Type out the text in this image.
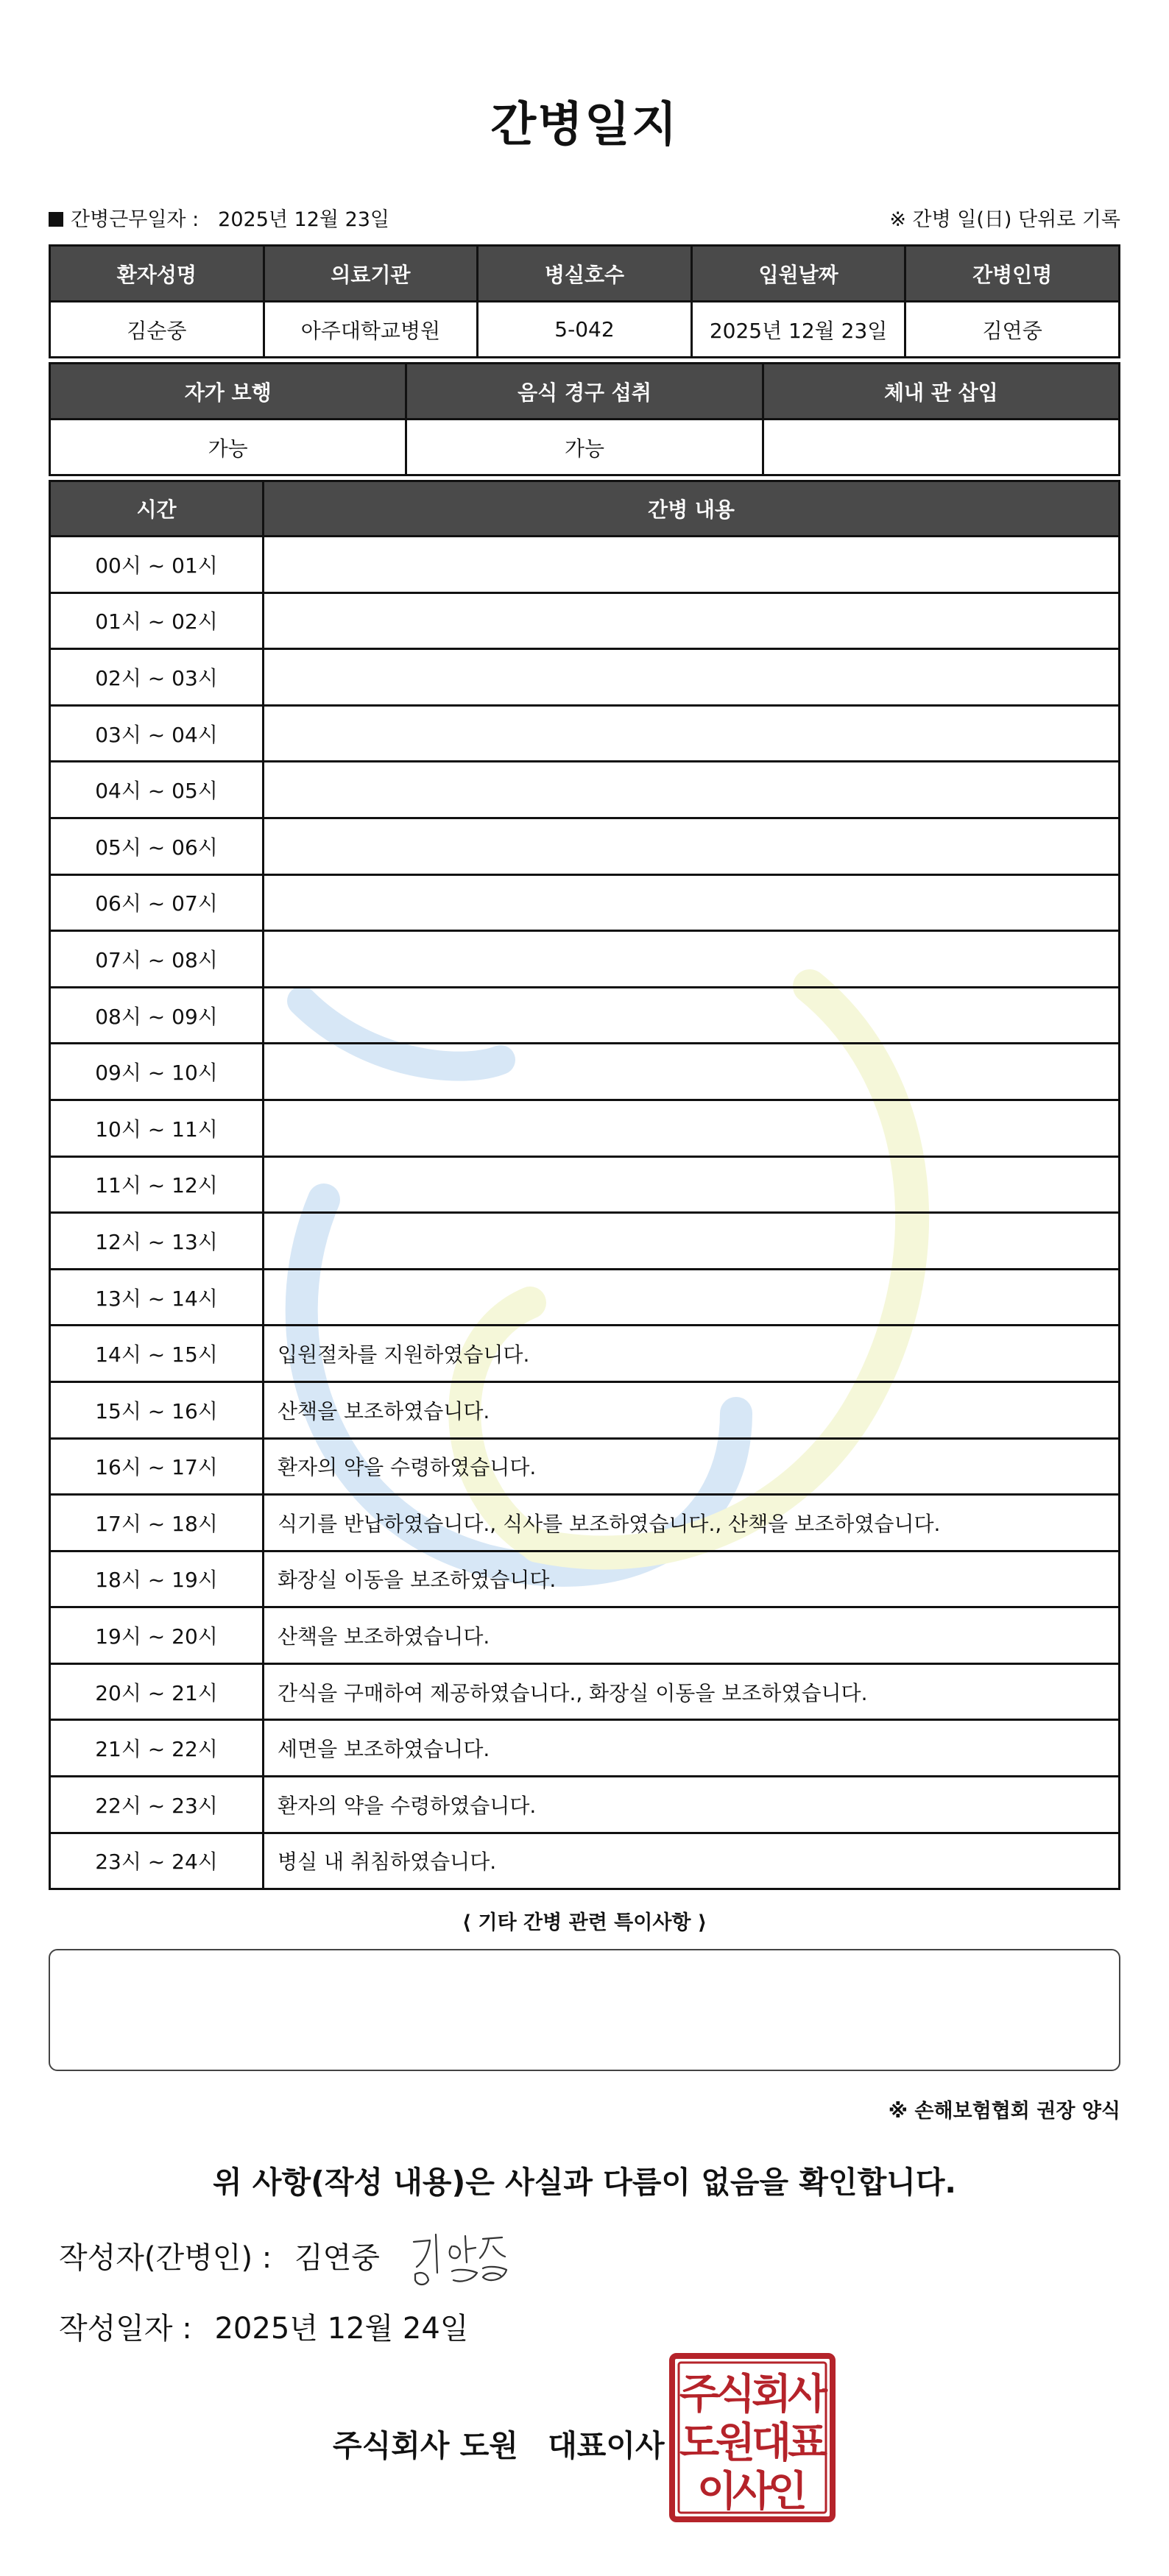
간병일지
간병근무일자 : 2025년 12월 23일	※ 간병 일(日) 단위로 기록
환자성명	의료기관	병실호수	입원날짜	간병인명
김순중	아주대학교병원	5-042	2025년 12월 23일	김연중
자가 보행	음식 경구 섭취	체내 관 삽입
가능	가능	
시간	간병 내용
00시 ~ 01시	
01시 ~ 02시	
02시 ~ 03시	
03시 ~ 04시	
04시 ~ 05시	
05시 ~ 06시	
06시 ~ 07시	
07시 ~ 08시	
08시 ~ 09시	
09시 ~ 10시	
10시 ~ 11시	
11시 ~ 12시	
12시 ~ 13시	
13시 ~ 14시	
14시 ~ 15시	입원절차를 지원하였습니다.
15시 ~ 16시	산책을 보조하였습니다.
16시 ~ 17시	환자의 약을 수령하였습니다.
17시 ~ 18시	식기를 반납하였습니다., 식사를 보조하였습니다., 산책을 보조하였습니다.
18시 ~ 19시	화장실 이동을 보조하였습니다.
19시 ~ 20시	산책을 보조하였습니다.
20시 ~ 21시	간식을 구매하여 제공하였습니다., 화장실 이동을 보조하였습니다.
21시 ~ 22시	세면을 보조하였습니다.
22시 ~ 23시	환자의 약을 수령하였습니다.
23시 ~ 24시	병실 내 취침하였습니다.
⟨ 기타 간병 관련 특이사항 ⟩
※ 손해보험협회 권장 양식
위 사항(작성 내용)은 사실과 다름이 없음을 확인합니다.
작성자(간병인) : 김연중
작성일자 : 2025년 12월 24일
주식회사 도원 대표이사
주
식
회
사
도
원
대
표
이
사
인
